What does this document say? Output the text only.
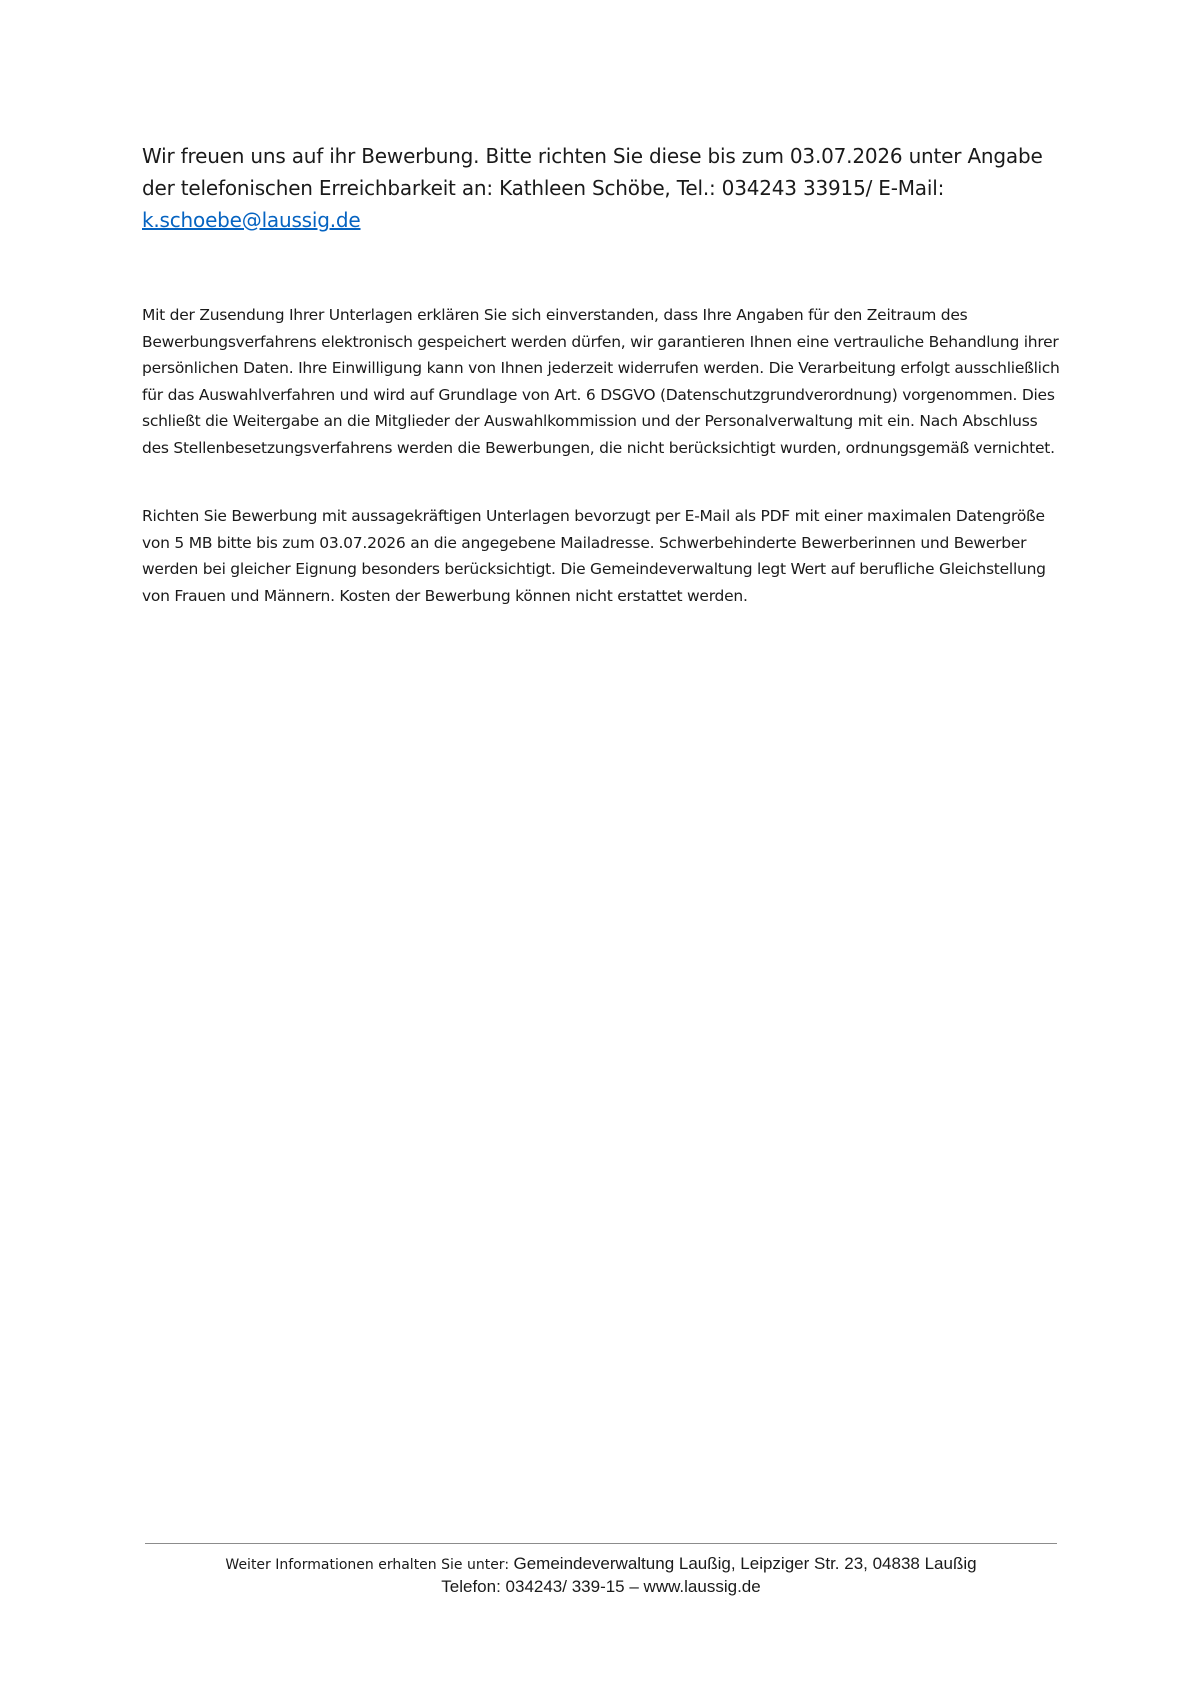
Wir freuen uns auf ihr Bewerbung. Bitte richten Sie diese bis zum 03.07.2026 unter Angabe der telefonischen Erreichbarkeit an: Kathleen Schöbe, Tel.: 034243 33915/ E-Mail: k.schoebe@laussig.de

Mit der Zusendung Ihrer Unterlagen erklären Sie sich einverstanden, dass Ihre Angaben für den Zeitraum des Bewerbungsverfahrens elektronisch gespeichert werden dürfen, wir garantieren Ihnen eine vertrauliche Behandlung ihrer persönlichen Daten. Ihre Einwilligung kann von Ihnen jederzeit widerrufen werden. Die Verarbeitung erfolgt ausschließlich für das Auswahlverfahren und wird auf Grundlage von Art. 6 DSGVO (Datenschutzgrundverordnung) vorgenommen. Dies schließt die Weitergabe an die Mitglieder der Auswahlkommission und der Personalverwaltung mit ein. Nach Abschluss des Stellenbesetzungsverfahrens werden die Bewerbungen, die nicht berücksichtigt wurden, ordnungsgemäß vernichtet.

Richten Sie Bewerbung mit aussagekräftigen Unterlagen bevorzugt per E-Mail als PDF mit einer maximalen Datengröße von 5 MB bitte bis zum 03.07.2026 an die angegebene Mailadresse. Schwerbehinderte Bewerberinnen und Bewerber werden bei gleicher Eignung besonders berücksichtigt. Die Gemeindeverwaltung legt Wert auf berufliche Gleichstellung von Frauen und Männern. Kosten der Bewerbung können nicht erstattet werden.

Weiter Informationen erhalten Sie unter: Gemeindeverwaltung Laußig, Leipziger Str. 23, 04838 Laußig
Telefon: 034243/ 339-15 – www.laussig.de
